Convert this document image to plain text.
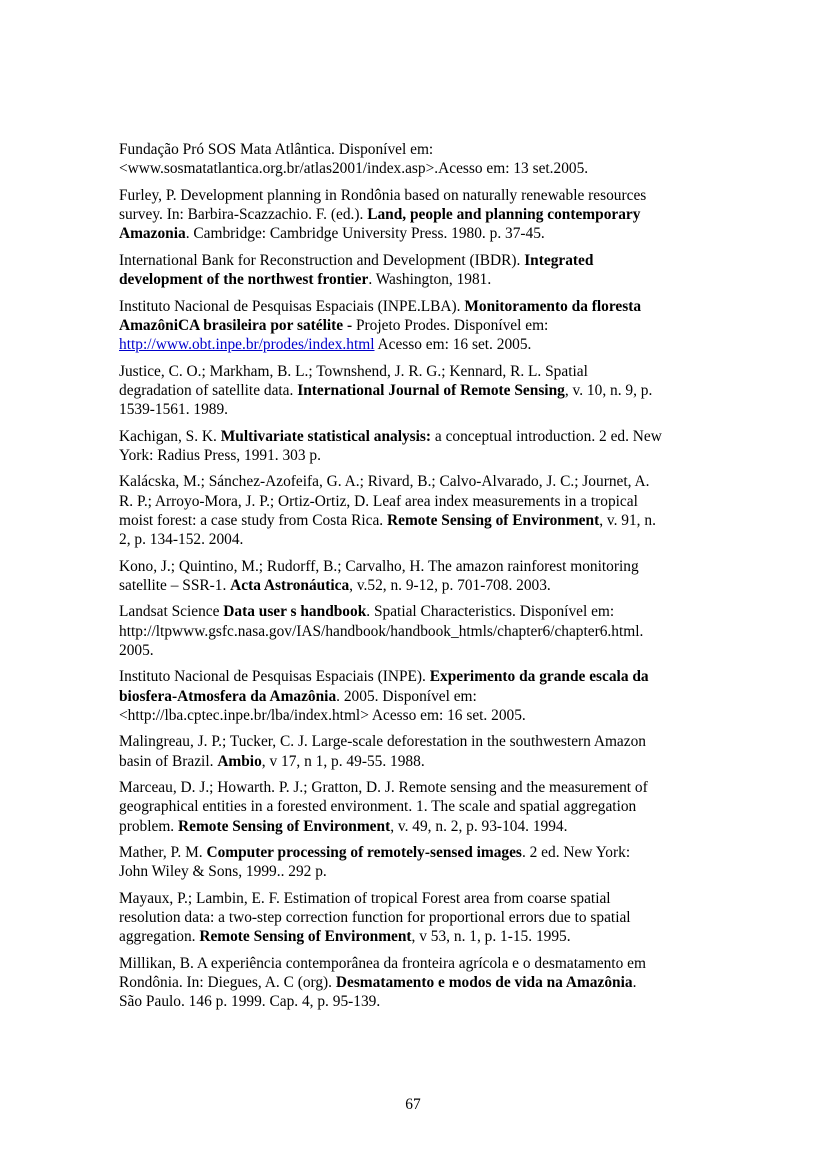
Fundação Pró SOS Mata Atlântica. Disponível em:
<www.sosmatatlantica.org.br/atlas2001/index.asp>.Acesso em: 13 set.2005.
Furley, P. Development planning in Rondônia based on naturally renewable resources
survey. In: Barbira-Scazzachio. F. (ed.). Land, people and planning contemporary
Amazonia. Cambridge: Cambridge University Press. 1980. p. 37-45.
International Bank for Reconstruction and Development (IBDR). Integrated
development of the northwest frontier. Washington, 1981.
Instituto Nacional de Pesquisas Espaciais (INPE.LBA). Monitoramento da floresta
AmazôniCA brasileira por satélite - Projeto Prodes. Disponível em:
http://www.obt.inpe.br/prodes/index.html Acesso em: 16 set. 2005.
Justice, C. O.; Markham, B. L.; Townshend, J. R. G.; Kennard, R. L. Spatial
degradation of satellite data. International Journal of Remote Sensing, v. 10, n. 9, p.
1539-1561. 1989.
Kachigan, S. K. Multivariate statistical analysis: a conceptual introduction. 2 ed. New
York: Radius Press, 1991. 303 p.
Kalácska, M.; Sánchez-Azofeifa, G. A.; Rivard, B.; Calvo-Alvarado, J. C.; Journet, A.
R. P.; Arroyo-Mora, J. P.; Ortiz-Ortiz, D. Leaf area index measurements in a tropical
moist forest: a case study from Costa Rica. Remote Sensing of Environment, v. 91, n.
2, p. 134-152. 2004.
Kono, J.; Quintino, M.; Rudorff, B.; Carvalho, H. The amazon rainforest monitoring
satellite – SSR-1. Acta Astronáutica, v.52, n. 9-12, p. 701-708. 2003.
Landsat Science Data user s handbook. Spatial Characteristics. Disponível em:
http://ltpwww.gsfc.nasa.gov/IAS/handbook/handbook_htmls/chapter6/chapter6.html.
2005.
Instituto Nacional de Pesquisas Espaciais (INPE). Experimento da grande escala da
biosfera-Atmosfera da Amazônia. 2005. Disponível em:
<http://lba.cptec.inpe.br/lba/index.html> Acesso em: 16 set. 2005.
Malingreau, J. P.; Tucker, C. J. Large-scale deforestation in the southwestern Amazon
basin of Brazil. Ambio, v 17, n 1, p. 49-55. 1988.
Marceau, D. J.; Howarth. P. J.; Gratton, D. J. Remote sensing and the measurement of
geographical entities in a forested environment. 1. The scale and spatial aggregation
problem. Remote Sensing of Environment, v. 49, n. 2, p. 93-104. 1994.
Mather, P. M. Computer processing of remotely-sensed images. 2 ed. New York:
John Wiley & Sons, 1999.. 292 p.
Mayaux, P.; Lambin, E. F. Estimation of tropical Forest area from coarse spatial
resolution data: a two-step correction function for proportional errors due to spatial
aggregation. Remote Sensing of Environment, v 53, n. 1, p. 1-15. 1995.
Millikan, B. A experiência contemporânea da fronteira agrícola e o desmatamento em
Rondônia. In: Diegues, A. C (org). Desmatamento e modos de vida na Amazônia.
São Paulo. 146 p. 1999. Cap. 4, p. 95-139.
67
